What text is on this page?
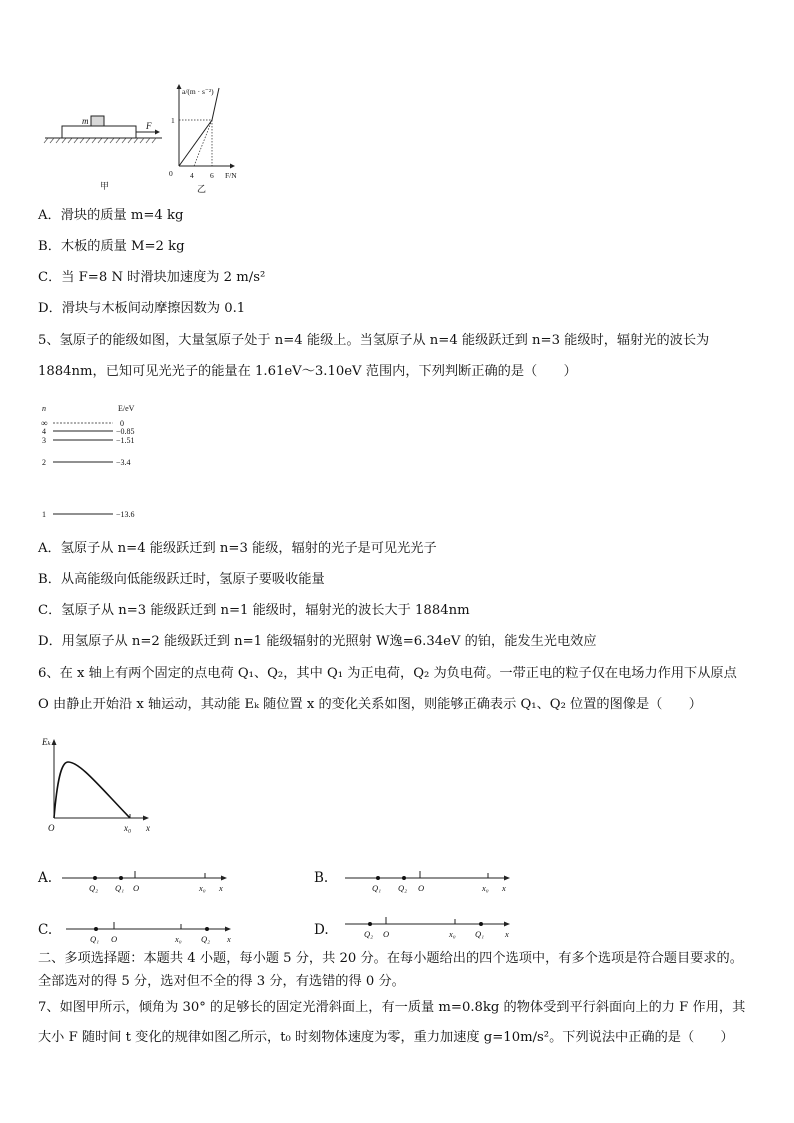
m	F
甲
a/(m · s⁻²)
F/N
0
1
4 6
乙
A．滑块的质量 m=4 kg
B．木板的质量 M=2 kg
C．当 F=8 N 时滑块加速度为 2 m/s²
D．滑块与木板间动摩擦因数为 0.1
5、氢原子的能级如图，大量氢原子处于 n=4 能级上。当氢原子从 n=4 能级跃迁到 n=3 能级时，辐射光的波长为
1884nm，已知可见光光子的能量在 1.61eV～3.10eV 范围内，下列判断正确的是（　　）
n	E/eV
∞	0
4	−0.85
3	−1.51
2	−3.4
1	−13.6
A．氢原子从 n=4 能级跃迁到 n=3 能级，辐射的光子是可见光光子
B．从高能级向低能级跃迁时，氢原子要吸收能量
C．氢原子从 n=3 能级跃迁到 n=1 能级时，辐射光的波长大于 1884nm
D．用氢原子从 n=2 能级跃迁到 n=1 能级辐射的光照射 W逸=6.34eV 的铂，能发生光电效应
6、在 x 轴上有两个固定的点电荷 Q₁、Q₂，其中 Q₁ 为正电荷，Q₂ 为负电荷。一带正电的粒子仅在电场力作用下从原点
O 由静止开始沿 x 轴运动，其动能 Eₖ 随位置 x 的变化关系如图，则能够正确表示 Q₁、Q₂ 位置的图像是（　　）
Eₖ
O	x₀ x
A.
Q₂ Q₁ O	x₀ x
B.
Q₁ Q₂ O	x₀ x
C.
Q₁ O	x₀ Q₂ x
D.	Q₂ O	x₀ Q₁ x
二、多项选择题：本题共 4 小题，每小题 5 分，共 20 分。在每小题给出的四个选项中，有多个选项是符合题目要求的。
全部选对的得 5 分，选对但不全的得 3 分，有选错的得 0 分。
7、如图甲所示，倾角为 30° 的足够长的固定光滑斜面上，有一质量 m=0.8kg 的物体受到平行斜面向上的力 F 作用，其
大小 F 随时间 t 变化的规律如图乙所示，t₀ 时刻物体速度为零，重力加速度 g=10m/s²。下列说法中正确的是（　　）
